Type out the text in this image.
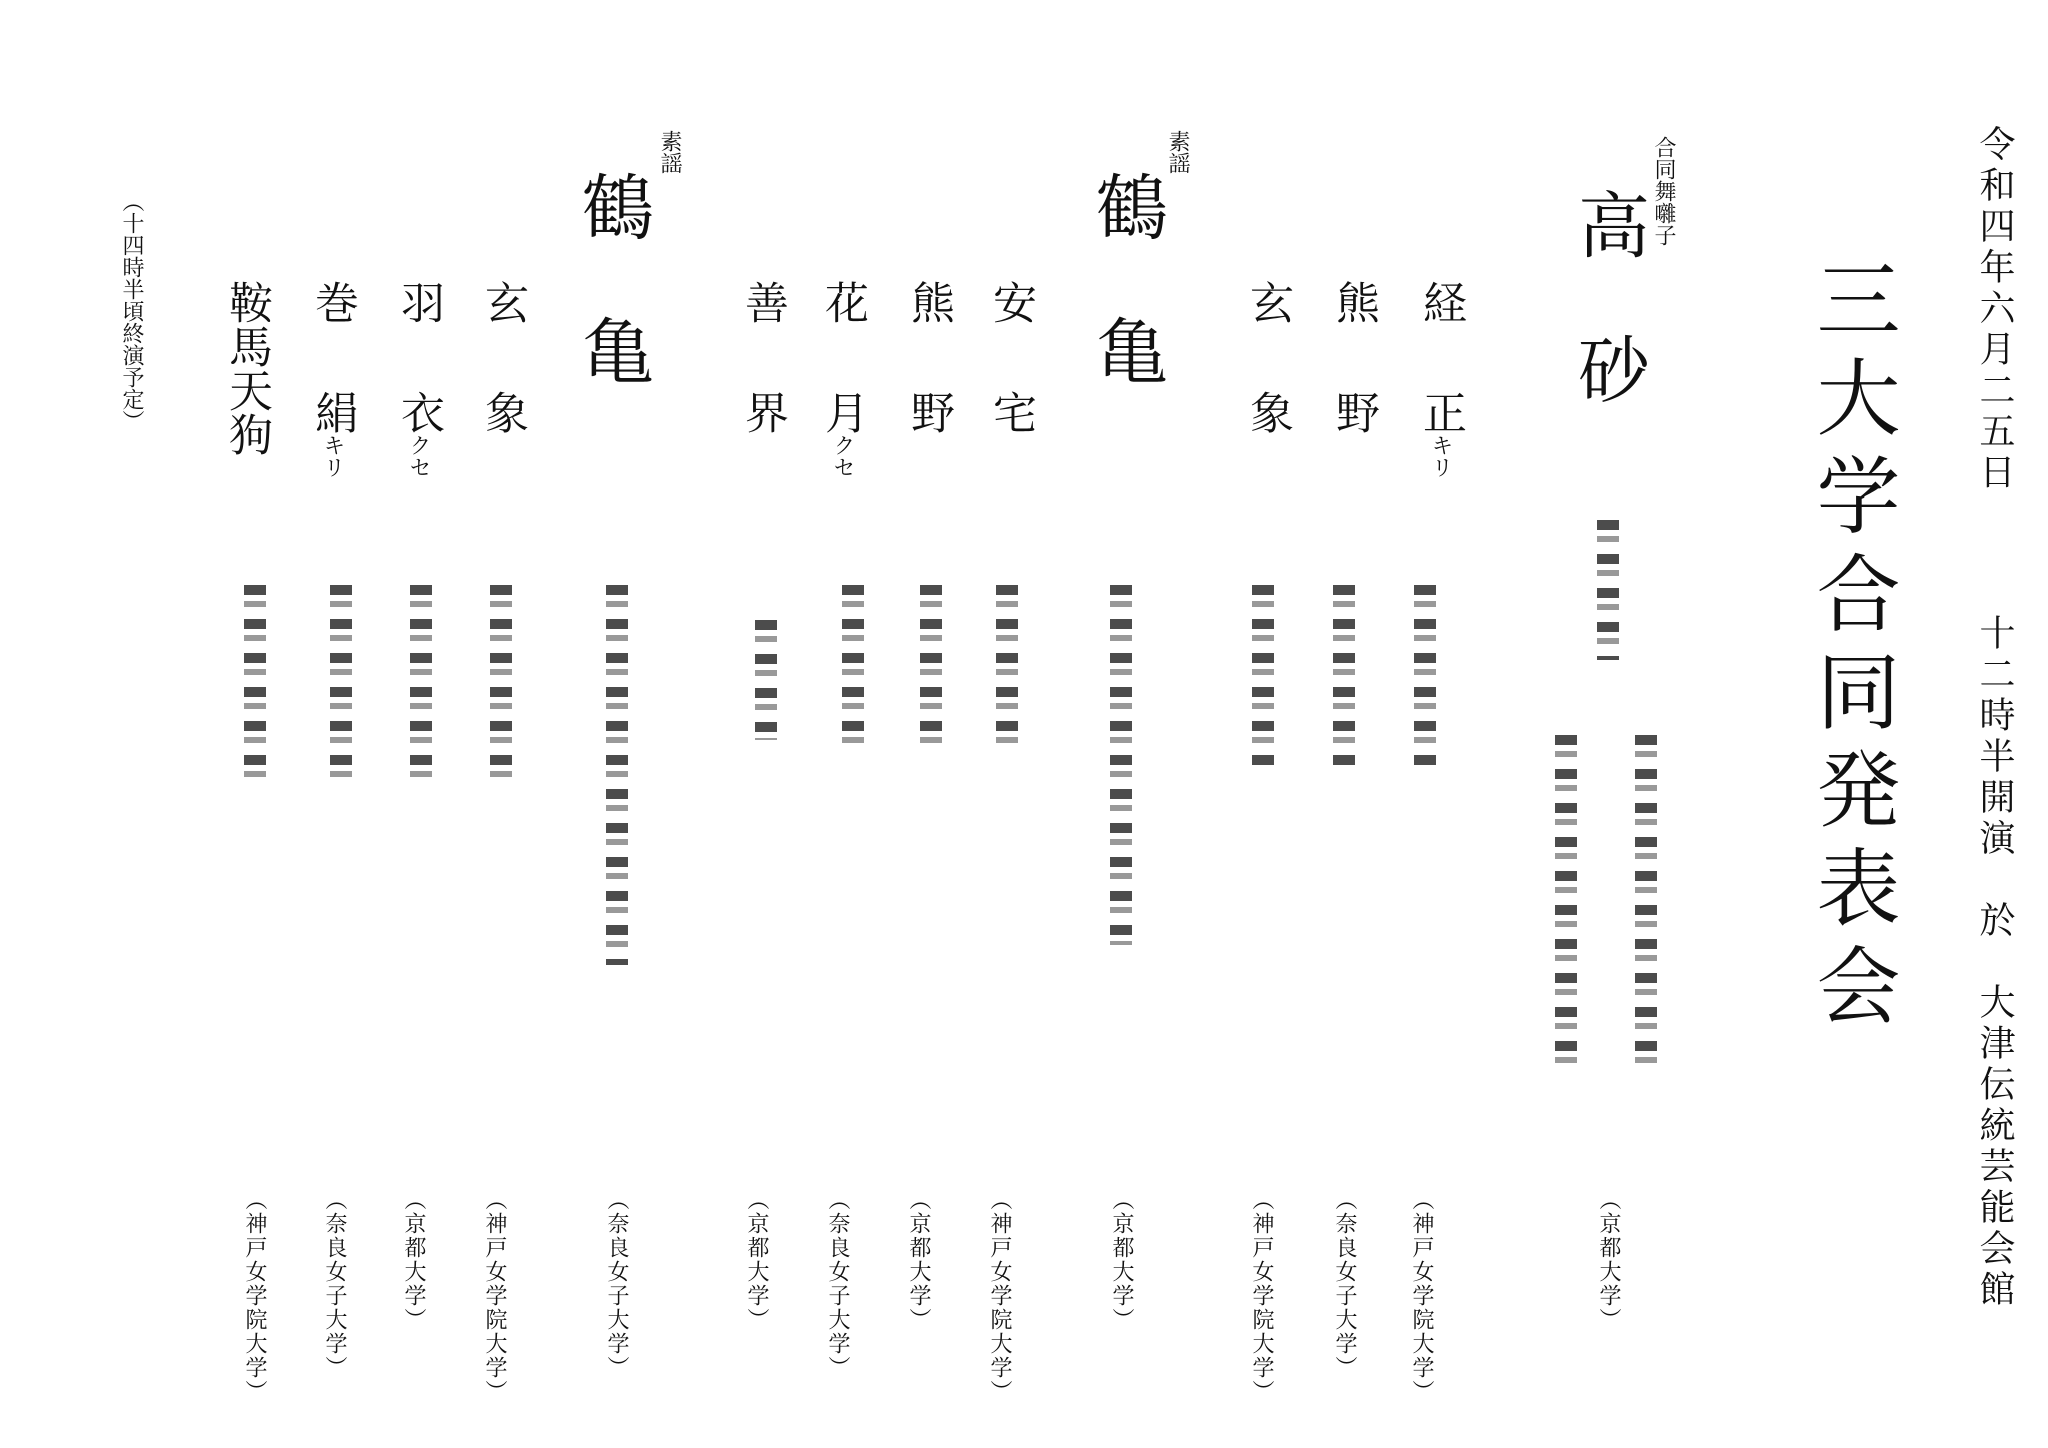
令和四年六月二五日
十二時半開演　於　大津伝統芸能会館
三大学合同発表会
合同舞囃子
高　砂
（京都大学）
経正キリ
（神戸女学院大学）
熊野
（奈良女子大学）
玄象
（神戸女学院大学）
素謡
鶴　亀
（京都大学）
安宅
（神戸女学院大学）
熊野
（京都大学）
花月クセ
（奈良女子大学）
善界
（京都大学）
素謡
鶴　亀
（奈良女子大学）
玄象
（神戸女学院大学）
羽衣クセ
（京都大学）
巻絹キリ
（奈良女子大学）
鞍馬天狗
（神戸女学院大学）
（十四時半頃終演予定）
